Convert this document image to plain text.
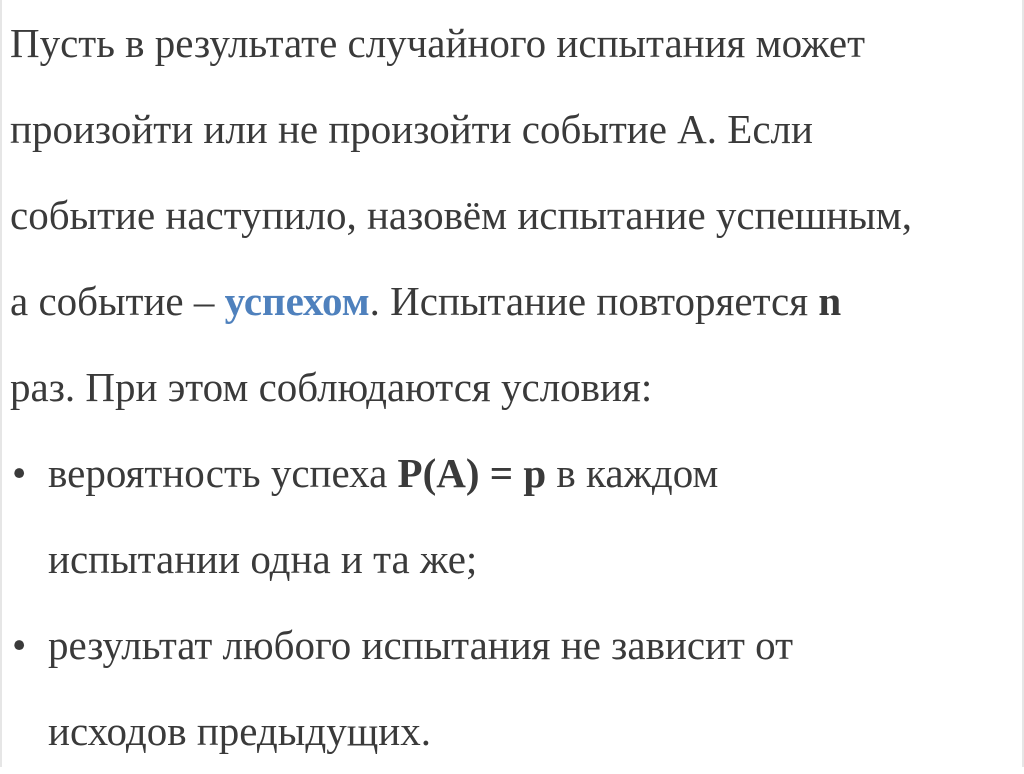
Пусть в результате случайного испытания может
произойти или не произойти событие А. Если
событие наступило, назовём испытание успешным,
а событие – успехом. Испытание повторяется n
раз. При этом соблюдаются условия:
• вероятность успеха Р(А) = р в каждом
испытании одна и та же;
• результат любого испытания не зависит от
исходов предыдущих.
